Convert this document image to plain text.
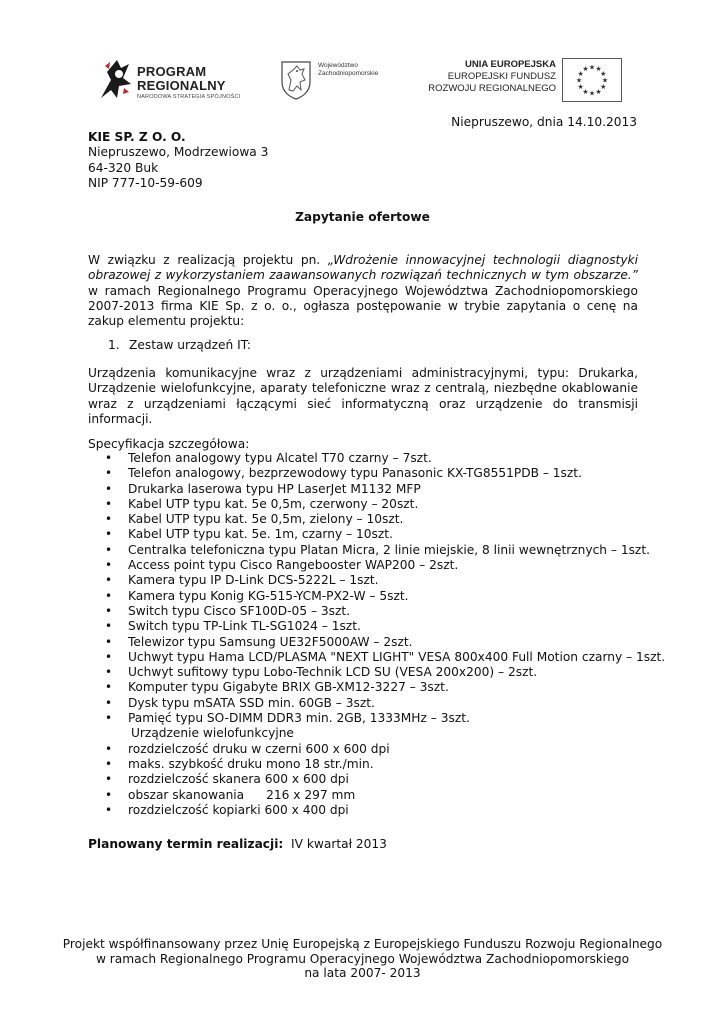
PROGRAM
REGIONALNY
NARODOWA STRATEGIA SPÓJNOŚCI
Województwo
Zachodniopomorskie
UNIA EUROPEJSKA
EUROPEJSKI FUNDUSZ
ROZWOJU REGIONALNEGO
★ ★
★
★
★
★
★
★
★
★
★
★
Niepruszewo, dnia 14.10.2013
KIE SP. Z O. O.
Niepruszewo, Modrzewiowa 3
64-320 Buk
NIP 777-10-59-609
Zapytanie ofertowe
W związku z realizacją projektu pn. „Wdrożenie innowacyjnej technologii diagnostyki obrazowej z wykorzystaniem zaawansowanych rozwiązań technicznych w tym obszarze.” w ramach Regionalnego Programu Operacyjnego Województwa Zachodniopomorskiego 2007-2013 firma KIE Sp. z o. o., ogłasza postępowanie w trybie zapytania o cenę na zakup elementu projektu:
1. Zestaw urządzeń IT:
Urządzenia komunikacyjne wraz z urządzeniami administracyjnymi, typu: Drukarka, Urządzenie wielofunkcyjne, aparaty telefoniczne wraz z centralą, niezbędne okablowanie wraz z urządzeniami łączącymi sieć informatyczną oraz urządzenie do transmisji informacji.
Specyfikacja szczegółowa:
• Telefon analogowy typu Alcatel T70 czarny – 7szt.
• Telefon analogowy, bezprzewodowy typu Panasonic KX-TG8551PDB – 1szt.
• Drukarka laserowa typu HP LaserJet M1132 MFP
• Kabel UTP typu kat. 5e 0,5m, czerwony – 20szt.
• Kabel UTP typu kat. 5e 0,5m, zielony – 10szt.
• Kabel UTP typu kat. 5e. 1m, czarny – 10szt.
• Centralka telefoniczna typu Platan Micra, 2 linie miejskie, 8 linii wewnętrznych – 1szt.
• Access point typu Cisco Rangebooster WAP200 – 2szt.
• Kamera typu IP D-Link DCS-5222L – 1szt.
• Kamera typu Konig KG-515-YCM-PX2-W – 5szt.
• Switch typu Cisco SF100D-05 – 3szt.
• Switch typu TP-Link TL-SG1024 – 1szt.
• Telewizor typu Samsung UE32F5000AW – 2szt.
• Uchwyt typu Hama LCD/PLASMA "NEXT LIGHT" VESA 800x400 Full Motion czarny – 1szt.
• Uchwyt sufitowy typu Lobo-Technik LCD SU (VESA 200x200) – 2szt.
• Komputer typu Gigabyte BRIX GB-XM12-3227 – 3szt.
• Dysk typu mSATA SSD min. 60GB – 3szt.
• Pamięć typu SO-DIMM DDR3 min. 2GB, 1333MHz – 3szt.
Urządzenie wielofunkcyjne
• rozdzielczość druku w czerni 600 x 600 dpi
• maks. szybkość druku mono 18 str./min.
• rozdzielczość skanera 600 x 600 dpi
• obszar skanowania 216 x 297 mm
• rozdzielczość kopiarki 600 x 400 dpi
Planowany termin realizacji: IV kwartał 2013
Projekt współfinansowany przez Unię Europejską z Europejskiego Funduszu Rozwoju Regionalnego
w ramach Regionalnego Programu Operacyjnego Województwa Zachodniopomorskiego
na lata 2007- 2013
